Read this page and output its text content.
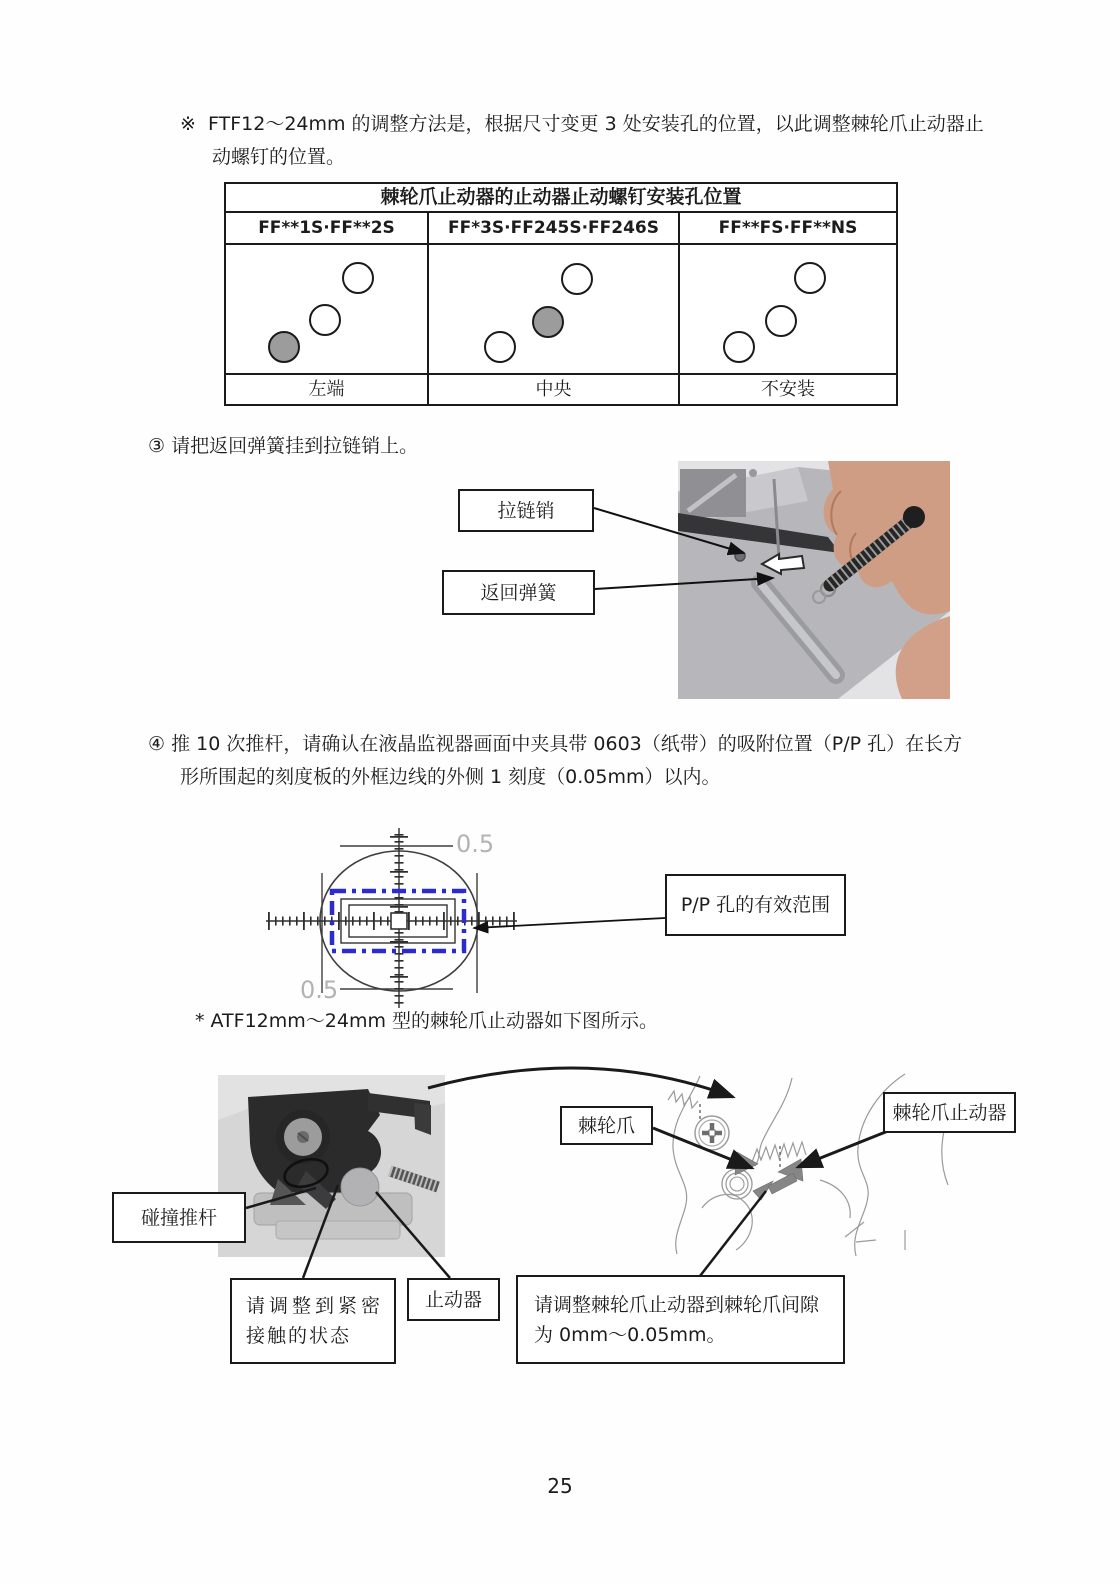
※ FTF12～24mm 的调整方法是，根据尺寸变更 3 处安装孔的位置，以此调整棘轮爪止动器止
动螺钉的位置。
棘轮爪止动器的止动器止动螺钉安装孔位置
FF**1S·FF**2S	FF*3S·FF245S·FF246S	FF**FS·FF**NS
左端	中央	不安装
③ 请把返回弹簧挂到拉链销上。
拉链销
返回弹簧
④ 推 10 次推杆，请确认在液晶监视器画面中夹具带 0603（纸带）的吸附位置（P/P 孔）在长方
形所围起的刻度板的外框边线的外侧 1 刻度（0.05mm）以内。
0.5
0.5
P/P 孔的有效范围
* ATF12mm～24mm 型的棘轮爪止动器如下图所示。
棘轮爪
棘轮爪止动器
碰撞推杆
请调整到紧密
接触的状态
止动器	请调整棘轮爪止动器到棘轮爪间隙
为 0mm～0.05mm。
25
